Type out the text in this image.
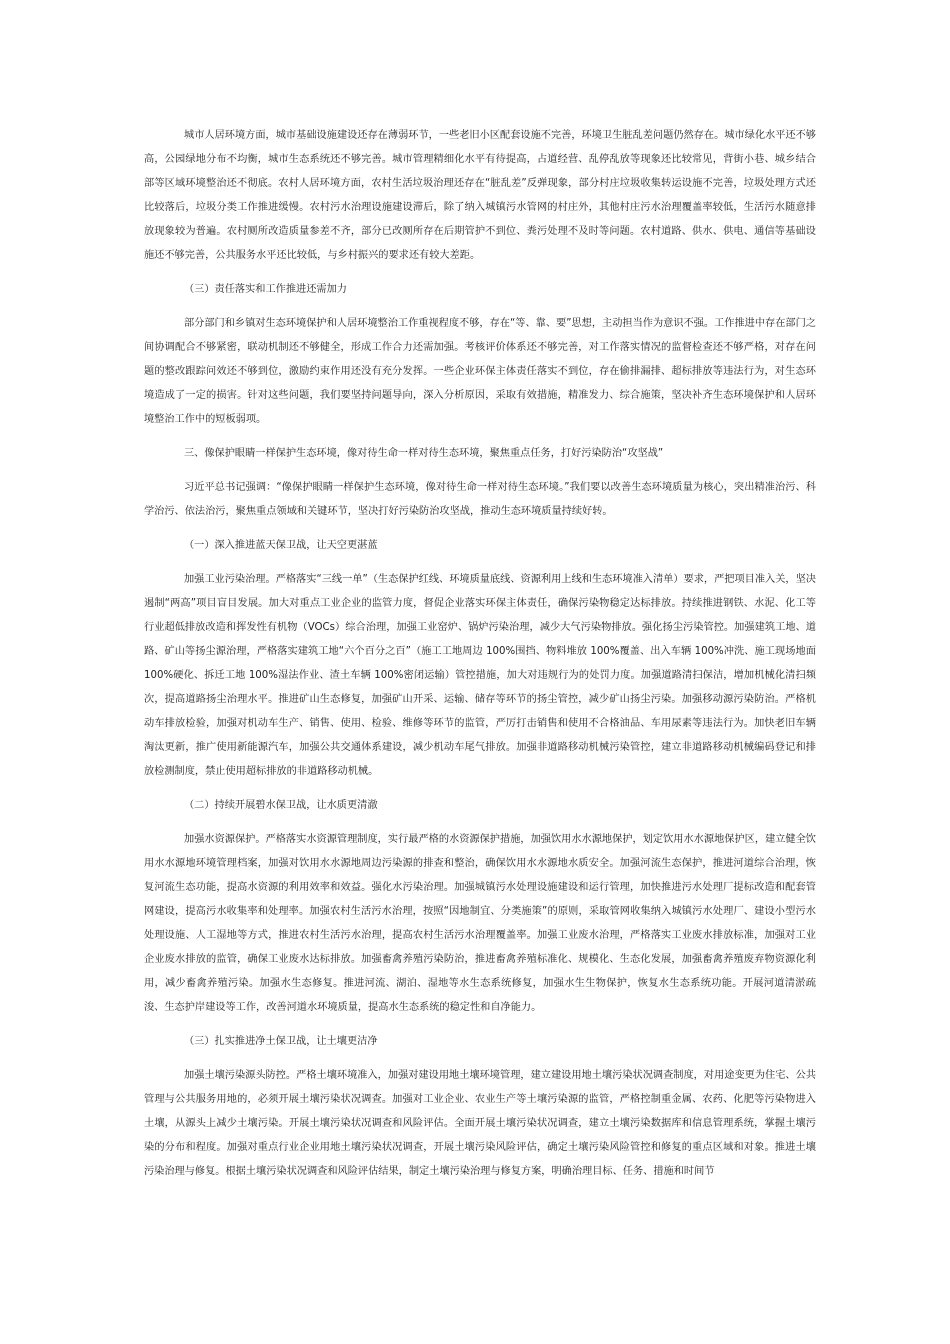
城市人居环境方面，城市基础设施建设还存在薄弱环节，一些老旧小区配套设施不完善，环境卫生脏乱差问题仍然存在。城市绿化水平还不够高，公园绿地分布不均衡，城市生态系统还不够完善。城市管理精细化水平有待提高，占道经营、乱停乱放等现象还比较常见，背街小巷、城乡结合部等区域环境整治还不彻底。农村人居环境方面，农村生活垃圾治理还存在“脏乱差”反弹现象，部分村庄垃圾收集转运设施不完善，垃圾处理方式还比较落后，垃圾分类工作推进缓慢。农村污水治理设施建设滞后，除了纳入城镇污水管网的村庄外，其他村庄污水治理覆盖率较低，生活污水随意排放现象较为普遍。农村厕所改造质量参差不齐，部分已改厕所存在后期管护不到位、粪污处理不及时等问题。农村道路、供水、供电、通信等基础设施还不够完善，公共服务水平还比较低，与乡村振兴的要求还有较大差距。

（三）责任落实和工作推进还需加力

部分部门和乡镇对生态环境保护和人居环境整治工作重视程度不够，存在“等、靠、要”思想，主动担当作为意识不强。工作推进中存在部门之间协调配合不够紧密，联动机制还不够健全，形成工作合力还需加强。考核评价体系还不够完善，对工作落实情况的监督检查还不够严格，对存在问题的整改跟踪问效还不够到位，激励约束作用还没有充分发挥。一些企业环保主体责任落实不到位，存在偷排漏排、超标排放等违法行为，对生态环境造成了一定的损害。针对这些问题，我们要坚持问题导向，深入分析原因，采取有效措施，精准发力、综合施策，坚决补齐生态环境保护和人居环境整治工作中的短板弱项。

三、像保护眼睛一样保护生态环境，像对待生命一样对待生态环境，聚焦重点任务，打好污染防治“攻坚战”

习近平总书记强调：“像保护眼睛一样保护生态环境，像对待生命一样对待生态环境。”我们要以改善生态环境质量为核心，突出精准治污、科学治污、依法治污，聚焦重点领域和关键环节，坚决打好污染防治攻坚战，推动生态环境质量持续好转。

（一）深入推进蓝天保卫战，让天空更湛蓝

加强工业污染治理。严格落实“三线一单”（生态保护红线、环境质量底线、资源利用上线和生态环境准入清单）要求，严把项目准入关，坚决遏制“两高”项目盲目发展。加大对重点工业企业的监管力度，督促企业落实环保主体责任，确保污染物稳定达标排放。持续推进钢铁、水泥、化工等行业超低排放改造和挥发性有机物（VOCs）综合治理，加强工业窑炉、锅炉污染治理，减少大气污染物排放。强化扬尘污染管控。加强建筑工地、道路、矿山等扬尘源治理，严格落实建筑工地“六个百分之百”（施工工地周边 100%围挡、物料堆放 100%覆盖、出入车辆 100%冲洗、施工现场地面 100%硬化、拆迁工地 100%湿法作业、渣土车辆 100%密闭运输）管控措施，加大对违规行为的处罚力度。加强道路清扫保洁，增加机械化清扫频次，提高道路扬尘治理水平。推进矿山生态修复，加强矿山开采、运输、储存等环节的扬尘管控，减少矿山扬尘污染。加强移动源污染防治。严格机动车排放检验，加强对机动车生产、销售、使用、检验、维修等环节的监管，严厉打击销售和使用不合格油品、车用尿素等违法行为。加快老旧车辆淘汰更新，推广使用新能源汽车，加强公共交通体系建设，减少机动车尾气排放。加强非道路移动机械污染管控，建立非道路移动机械编码登记和排放检测制度，禁止使用超标排放的非道路移动机械。

（二）持续开展碧水保卫战，让水质更清澈

加强水资源保护。严格落实水资源管理制度，实行最严格的水资源保护措施，加强饮用水水源地保护，划定饮用水水源地保护区，建立健全饮用水水源地环境管理档案，加强对饮用水水源地周边污染源的排查和整治，确保饮用水水源地水质安全。加强河流生态保护，推进河道综合治理，恢复河流生态功能，提高水资源的利用效率和效益。强化水污染治理。加强城镇污水处理设施建设和运行管理，加快推进污水处理厂提标改造和配套管网建设，提高污水收集率和处理率。加强农村生活污水治理，按照“因地制宜、分类施策”的原则，采取管网收集纳入城镇污水处理厂、建设小型污水处理设施、人工湿地等方式，推进农村生活污水治理，提高农村生活污水治理覆盖率。加强工业废水治理，严格落实工业废水排放标准，加强对工业企业废水排放的监管，确保工业废水达标排放。加强畜禽养殖污染防治，推进畜禽养殖标准化、规模化、生态化发展，加强畜禽养殖废弃物资源化利用，减少畜禽养殖污染。加强水生态修复。推进河流、湖泊、湿地等水生态系统修复，加强水生生物保护，恢复水生态系统功能。开展河道清淤疏浚、生态护岸建设等工作，改善河道水环境质量，提高水生态系统的稳定性和自净能力。

（三）扎实推进净土保卫战，让土壤更洁净

加强土壤污染源头防控。严格土壤环境准入，加强对建设用地土壤环境管理，建立建设用地土壤污染状况调查制度，对用途变更为住宅、公共管理与公共服务用地的，必须开展土壤污染状况调查。加强对工业企业、农业生产等土壤污染源的监管，严格控制重金属、农药、化肥等污染物进入土壤，从源头上减少土壤污染。开展土壤污染状况调查和风险评估。全面开展土壤污染状况调查，建立土壤污染数据库和信息管理系统，掌握土壤污染的分布和程度。加强对重点行业企业用地土壤污染状况调查，开展土壤污染风险评估，确定土壤污染风险管控和修复的重点区域和对象。推进土壤污染治理与修复。根据土壤污染状况调查和风险评估结果，制定土壤污染治理与修复方案，明确治理目标、任务、措施和时间节
